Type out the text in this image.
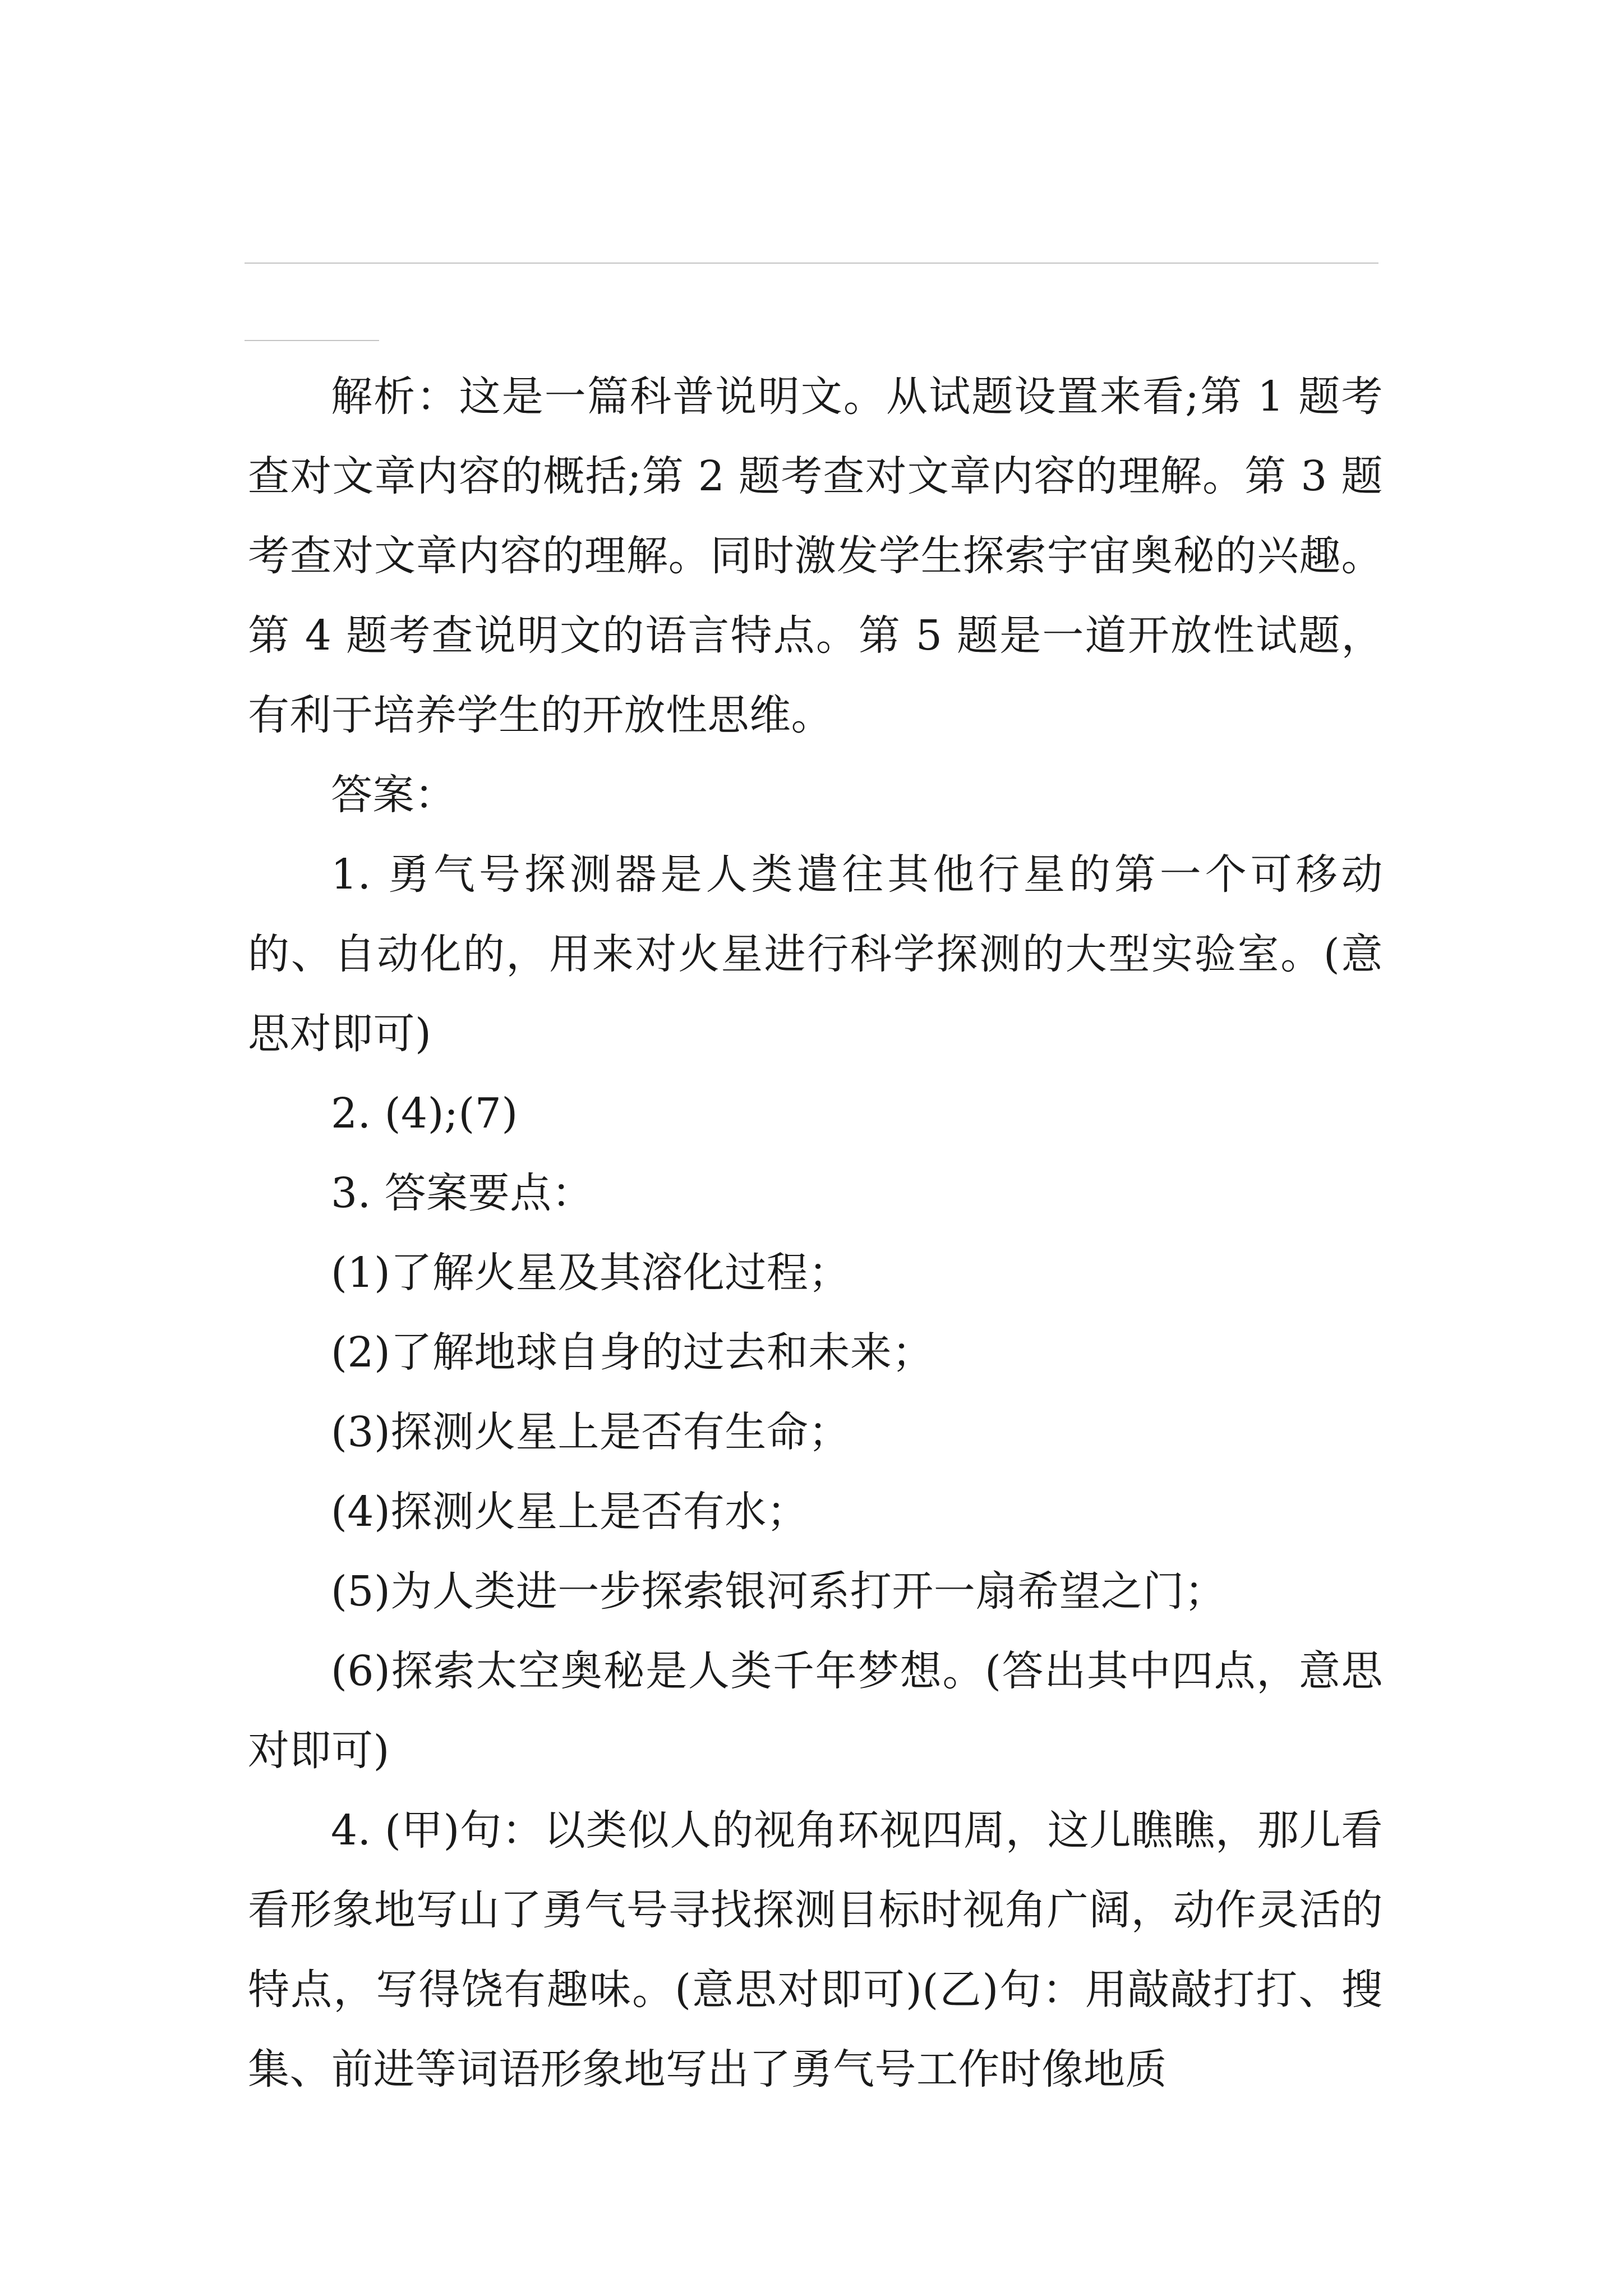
解析：这是一篇科普说明文。从试题设置来看;第 1 题考查对文章内容的概括;第 2 题考查对文章内容的理解。第 3 题考查对文章内容的理解。同时激发学生探索宇宙奥秘的兴趣。第 4 题考查说明文的语言特点。第 5 题是一道开放性试题，有利于培养学生的开放性思维。

答案：

1. 勇气号探测器是人类遣往其他行星的第一个可移动的、自动化的，用来对火星进行科学探测的大型实验室。(意思对即可)

2. (4);(7)

3. 答案要点：

(1)了解火星及其溶化过程；

(2)了解地球自身的过去和未来；

(3)探测火星上是否有生命；

(4)探测火星上是否有水；

(5)为人类进一步探索银河系打开一扇希望之门；

(6)探索太空奥秘是人类千年梦想。(答出其中四点，意思对即可)

4. (甲)句：以类似人的视角环视四周，这儿瞧瞧，那儿看看形象地写山了勇气号寻找探测目标时视角广阔，动作灵活的特点，写得饶有趣味。(意思对即可)(乙)句：用敲敲打打、搜集、前进等词语形象地写出了勇气号工作时像地质
